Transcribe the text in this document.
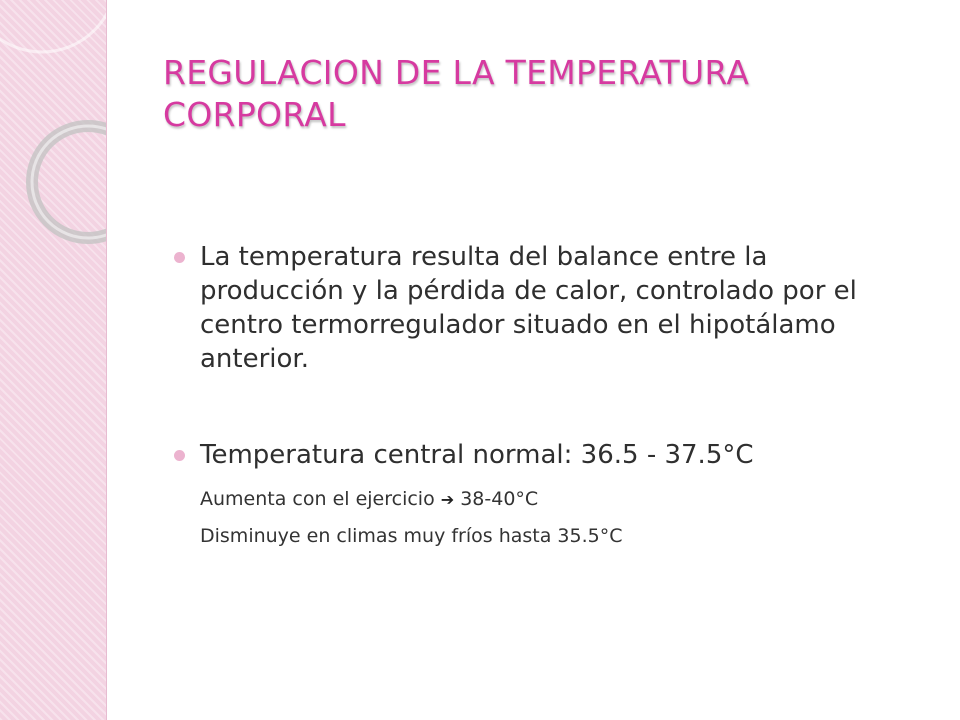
REGULACION DE LA TEMPERATURA CORPORAL
La temperatura resulta del balance entre la producción y la pérdida de calor, controlado por el centro termorregulador situado en el hipotálamo anterior.
Temperatura central normal: 36.5 - 37.5°C
Aumenta con el ejercicio ➔ 38-40°C
Disminuye en climas muy fríos hasta 35.5°C
